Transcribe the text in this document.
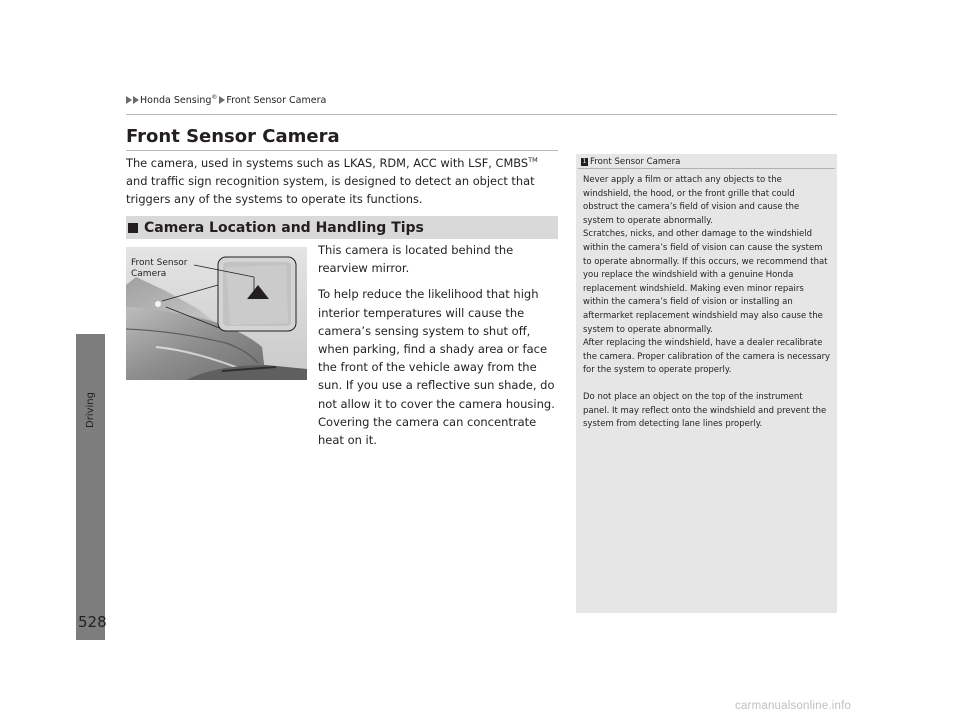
Honda Sensing® Front Sensor Camera
Driving
528
Front Sensor Camera
The camera, used in systems such as LKAS, RDM, ACC with LSF, CMBS™ and traffic sign recognition system, is designed to detect an object that triggers any of the systems to operate its functions.
Camera Location and Handling Tips
Front Sensor
Camera

This camera is located behind the rearview mirror.

To help reduce the likelihood that high interior temperatures will cause the camera’s sensing system to shut off, when parking, find a shady area or face the front of the vehicle away from the sun. If you use a reflective sun shade, do not allow it to cover the camera housing. Covering the camera can concentrate heat on it.

1 Front Sensor Camera

Never apply a film or attach any objects to the windshield, the hood, or the front grille that could obstruct the camera’s field of vision and cause the system to operate abnormally.
Scratches, nicks, and other damage to the windshield within the camera’s field of vision can cause the system to operate abnormally. If this occurs, we recommend that you replace the windshield with a genuine Honda replacement windshield. Making even minor repairs within the camera’s field of vision or installing an aftermarket replacement windshield may also cause the system to operate abnormally.
After replacing the windshield, have a dealer recalibrate the camera. Proper calibration of the camera is necessary for the system to operate properly.

Do not place an object on the top of the instrument panel. It may reflect onto the windshield and prevent the system from detecting lane lines properly.

carmanualsonline.info
